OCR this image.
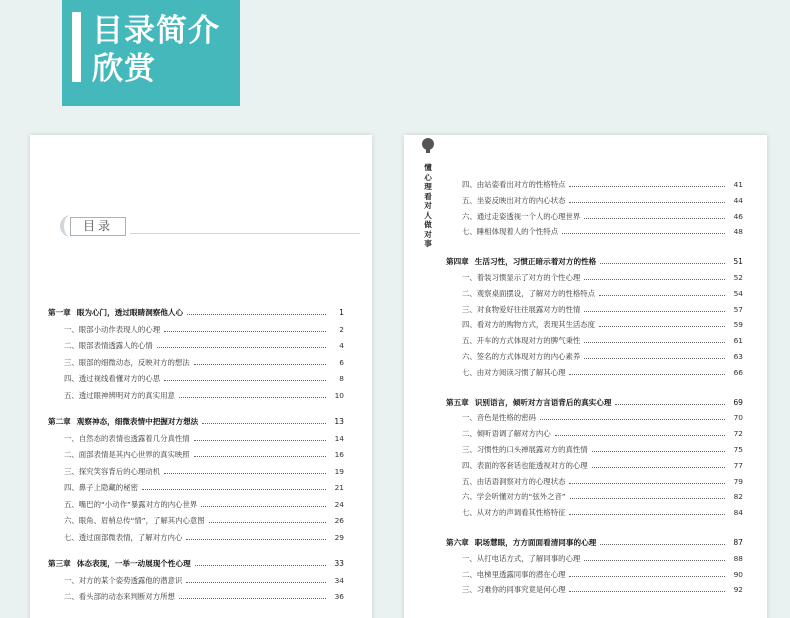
目录简介欣赏
目录
第一章 眼为心门，透过眼睛洞察他人心	1
一、眼部小动作表现人的心理	2
二、眼部表情透露人的心情	4
三、眼部的细微动态，反映对方的想法	6
四、透过视线看懂对方的心思	8
五、透过眼神辨明对方的真实用意	10
第二章 观察神态，细微表情中把握对方想法	13
一、自然态的表情也透露着几分真性情	14
二、面部表情是其内心世界的真实映照	16
三、探究笑容背后的心理动机	19
四、鼻子上隐藏的秘密	21
五、嘴巴的“小动作”暴露对方的内心世界	24
六、眼角、眉梢总传“情”，了解其内心意图	26
七、透过面部微表情，了解对方内心	29
第三章 体态表现，一举一动展现个性心理	33
一、对方的某个姿势透露他的潜意识	34
二、看头部的动态来判断对方所想	36
懂心理看对人做对事
四、由站姿看出对方的性格特点	41
五、坐姿反映出对方的内心状态	44
六、通过走姿透视一个人的心理世界	46
七、睡相体现着人的个性特点	48
第四章 生活习性，习惯正暗示着对方的性格	51
一、着装习惯显示了对方的个性心理	52
二、观察桌面摆设，了解对方的性格特点	54
三、对食物爱好往往展露对方的性情	57
四、看对方的购物方式，表现其生活态度	59
五、开车的方式体现对方的脾气秉性	61
六、签名的方式体现对方的内心素养	63
七、由对方阅读习惯了解其心理	66
第五章 识别语言，倾听对方言语背后的真实心理	69
一、音色是性格的密码	70
二、倾听语调了解对方内心	72
三、习惯性的口头禅展露对方的真性情	75
四、表面的客套话也能透视对方的心理	77
五、由话语洞察对方的心理状态	79
六、学会听懂对方的“弦外之音”	82
七、从对方的声调看其性格特征	84
第六章 职场慧眼，方方面面看清同事的心理	87
一、从打电话方式，了解同事的心理	88
二、电梯里透露同事的潜在心理	90
三、习难你的同事究竟是何心理	92
